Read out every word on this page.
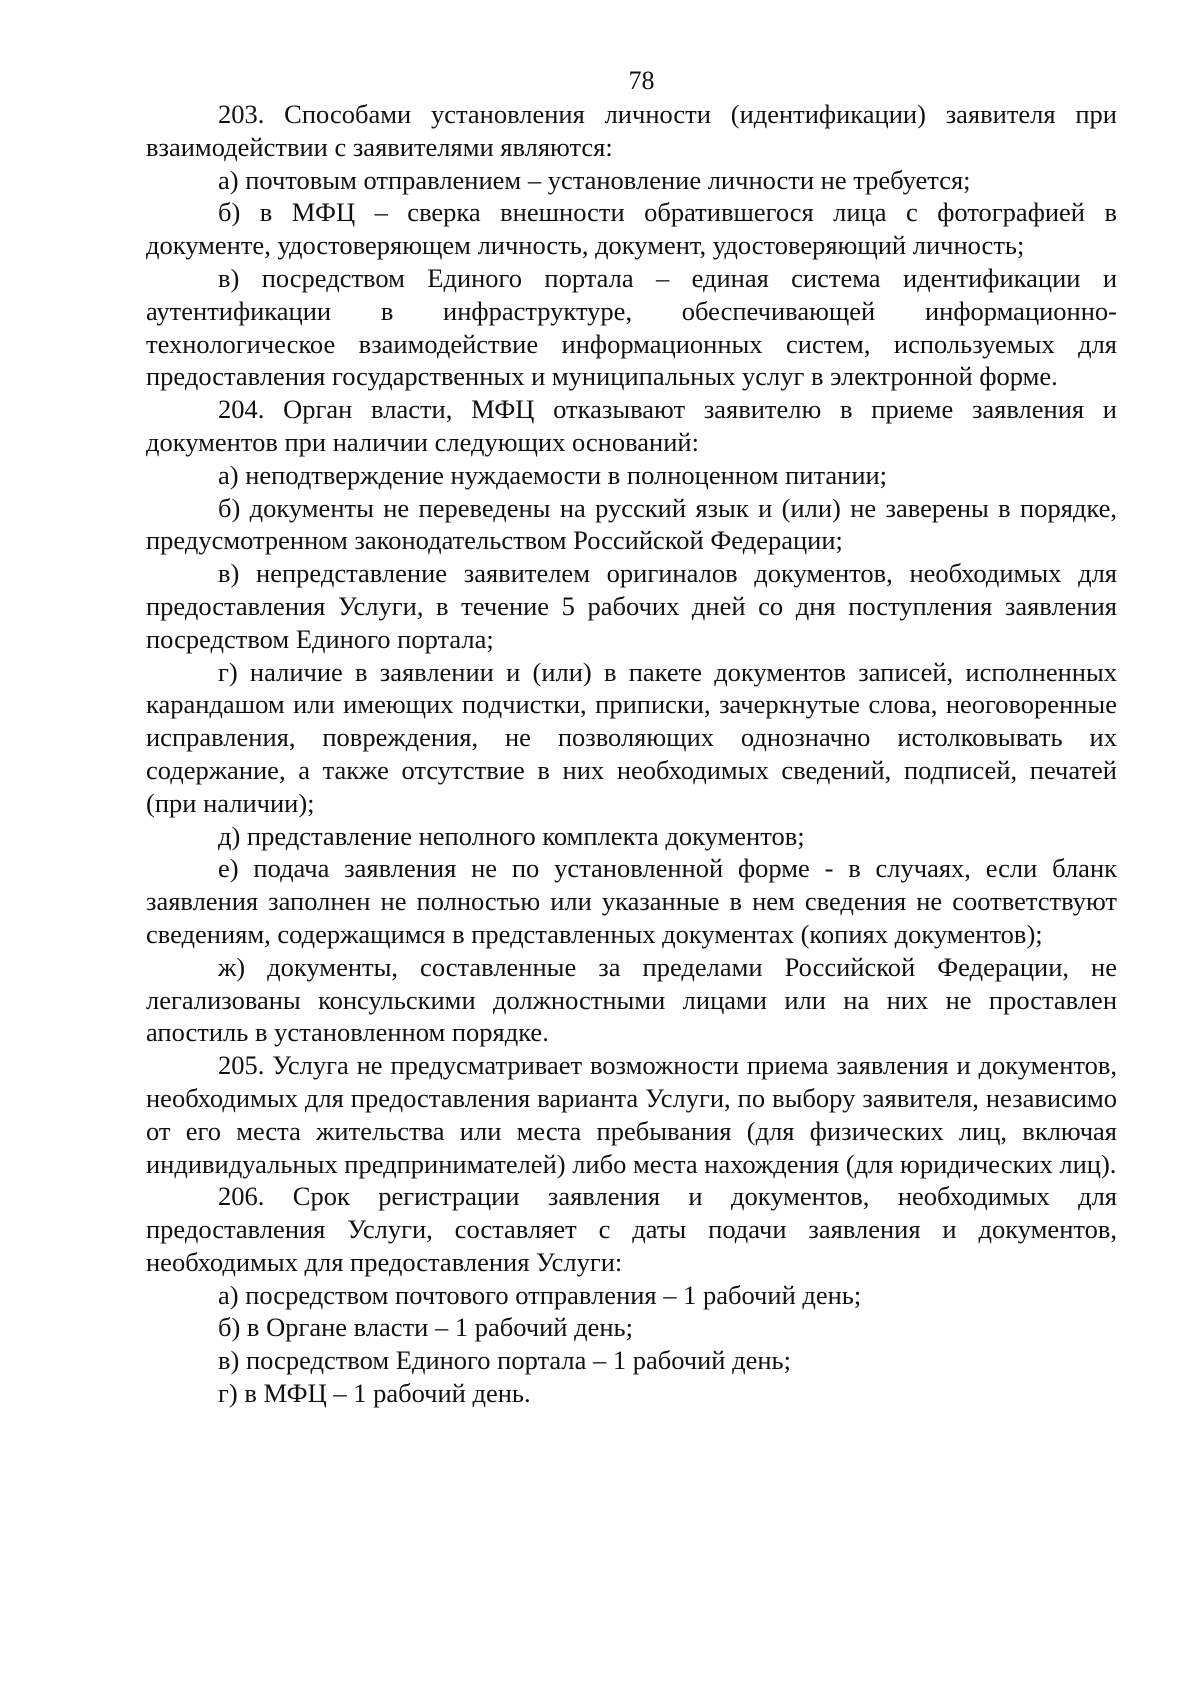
78

203. Способами установления личности (идентификации) заявителя при взаимодействии с заявителями являются:

а) почтовым отправлением – установление личности не требуется;

б) в МФЦ – сверка внешности обратившегося лица с фотографией в документе, удостоверяющем личность, документ, удостоверяющий личность;

в) посредством Единого портала – единая система идентификации и аутентификации в инфраструктуре, обеспечивающей информационно-технологическое взаимодействие информационных систем, используемых для предоставления государственных и муниципальных услуг в электронной форме.

204. Орган власти, МФЦ отказывают заявителю в приеме заявления и документов при наличии следующих оснований:

а) неподтверждение нуждаемости в полноценном питании;

б) документы не переведены на русский язык и (или) не заверены в порядке, предусмотренном законодательством Российской Федерации;

в) непредставление заявителем оригиналов документов, необходимых для предоставления Услуги, в течение 5 рабочих дней со дня поступления заявления посредством Единого портала;

г) наличие в заявлении и (или) в пакете документов записей, исполненных карандашом или имеющих подчистки, приписки, зачеркнутые слова, неоговоренные исправления, повреждения, не позволяющих однозначно истолковывать их содержание, а также отсутствие в них необходимых сведений, подписей, печатей (при наличии);

д) представление неполного комплекта документов;

е) подача заявления не по установленной форме - в случаях, если бланк заявления заполнен не полностью или указанные в нем сведения не соответствуют сведениям, содержащимся в представленных документах (копиях документов);

ж) документы, составленные за пределами Российской Федерации, не легализованы консульскими должностными лицами или на них не проставлен апостиль в установленном порядке.

205. Услуга не предусматривает возможности приема заявления и документов, необходимых для предоставления варианта Услуги, по выбору заявителя, независимо от его места жительства или места пребывания (для физических лиц, включая индивидуальных предпринимателей) либо места нахождения (для юридических лиц).

206. Срок регистрации заявления и документов, необходимых для предоставления Услуги, составляет с даты подачи заявления и документов, необходимых для предоставления Услуги:

а) посредством почтового отправления – 1 рабочий день;

б) в Органе власти – 1 рабочий день;

в) посредством Единого портала – 1 рабочий день;

г) в МФЦ – 1 рабочий день.
